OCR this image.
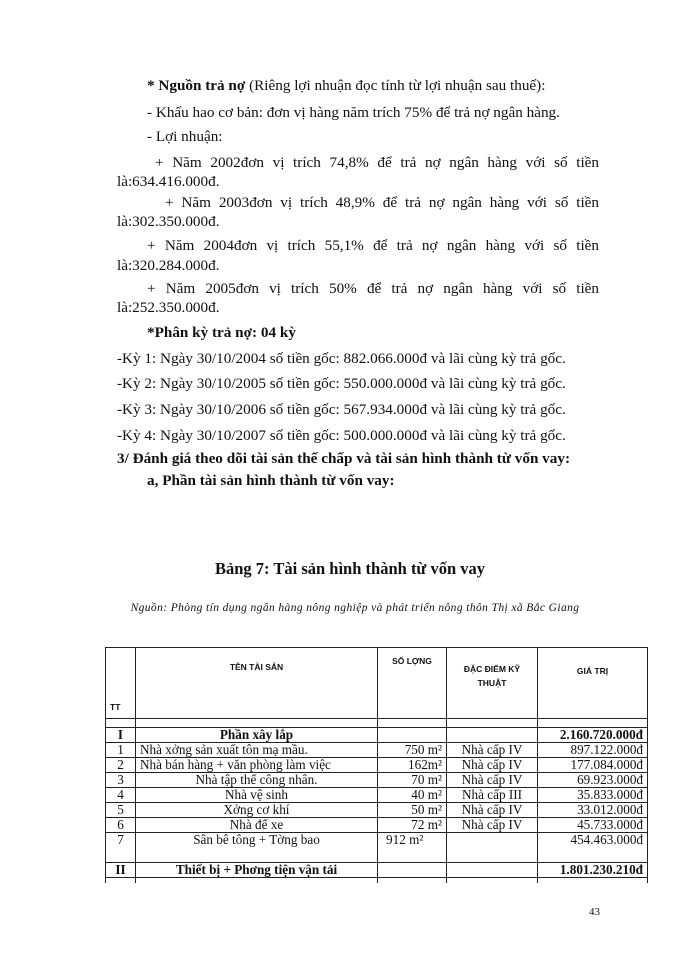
* Nguồn trả nợ (Riêng lợi nhuận đọc tính từ lợi nhuận sau thuế):
- Khấu hao cơ bản: đơn vị hàng năm trích 75% để trả nợ ngân hàng.
- Lợi nhuận:
+ Năm 2002đơn vị trích 74,8% để trả nợ ngân hàng với số tiền
là:634.416.000đ.
+ Năm 2003đơn vị trích 48,9% để trả nợ ngân hàng với số tiền
là:302.350.000đ.
+ Năm 2004đơn vị trích 55,1% để trả nợ ngân hàng với số tiền
là:320.284.000đ.
+ Năm 2005đơn vị trích 50% để trả nợ ngân hàng với số tiền
là:252.350.000đ.
*Phân kỳ trả nợ: 04 kỳ
-Kỳ 1: Ngày 30/10/2004 số tiền gốc: 882.066.000đ và lãi cùng kỳ trả gốc.
-Kỳ 2: Ngày 30/10/2005 số tiền gốc: 550.000.000đ và lãi cùng kỳ trả gốc.
-Kỳ 3: Ngày 30/10/2006 số tiền gốc: 567.934.000đ và lãi cùng kỳ trả gốc.
-Kỳ 4: Ngày 30/10/2007 số tiền gốc: 500.000.000đ và lãi cùng kỳ trả gốc.
3/ Đánh giá theo dõi tài sản thế chấp và tài sản hình thành từ vốn vay:
a, Phần tài sản hình thành từ vốn vay:
Bảng 7: Tài sản hình thành từ vốn vay
Nguồn: Phòng tín dụng ngân hàng nông nghiệp và phát triển nông thôn Thị xã Bắc Giang
TT	TÊN TÀI SẢN	SỐ LỢNG	ĐẶC ĐIỂM KỸ THUẬT	GIÁ TRỊ

I	Phần xây lắp			2.160.720.000đ
1	Nhà xởng sản xuất tôn mạ mầu.	750 m²	Nhà cấp IV	897.122.000đ
2	Nhà bán hàng + văn phòng làm việc	162m²	Nhà cấp IV	177.084.000đ
3	Nhà tập thể công nhân.	70 m²	Nhà cấp IV	69.923.000đ
4	Nhà vệ sinh	40 m²	Nhà cấp III	35.833.000đ
5	Xởng cơ khí	50 m²	Nhà cấp IV	33.012.000đ
6	Nhà để xe	72 m²	Nhà cấp IV	45.733.000đ
7	Sân bê tông + Tờng bao	912 m²		454.463.000đ
II	Thiết bị + Phơng tiện vận tải			1.801.230.210đ

43
